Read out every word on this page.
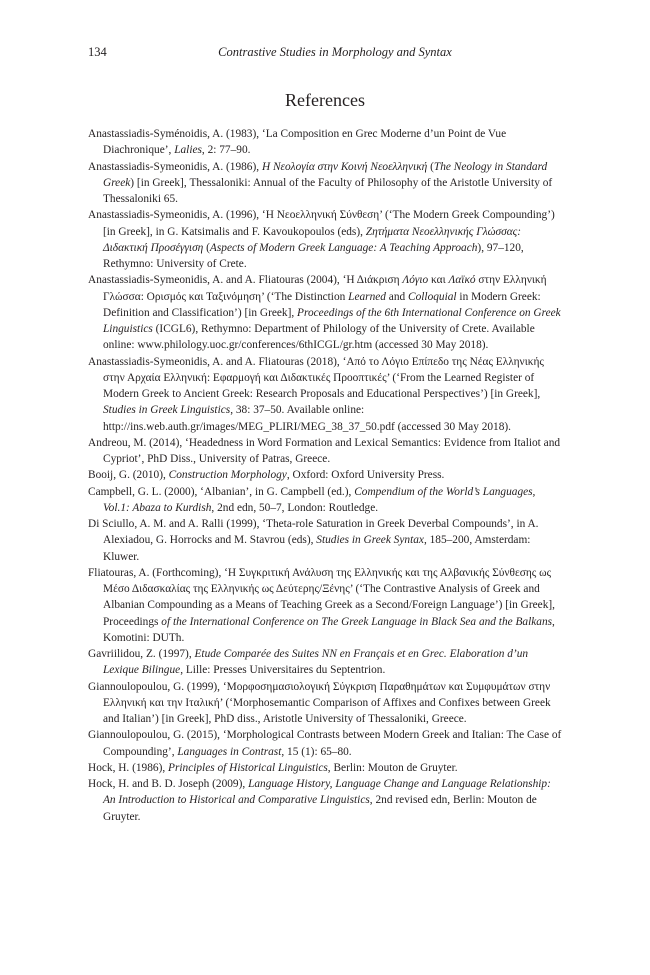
134	Contrastive Studies in Morphology and Syntax
References

Anastassiadis-Syménoidis, A. (1983), ‘La Composition en Grec Moderne d’un Point de Vue Diachronique’, Lalies, 2: 77–90.

Anastassiadis-Symeonidis, A. (1986), Η Νεολογία στην Κοινή Νεοελληνική (The Neology in Standard Greek) [in Greek], Thessaloniki: Annual of the Faculty of Philosophy of the Aristotle University of Thessaloniki 65.

Anastassiadis-Symeonidis, A. (1996), ‘Η Νεοελληνική Σύνθεση’ (‘The Modern Greek Compounding’) [in Greek], in G. Katsimalis and F. Kavoukopoulos (eds), Ζητήματα Νεοελληνικής Γλώσσας: Διδακτική Προσέγγιση (Aspects of Modern Greek Language: A Teaching Approach), 97–120, Rethymno: University of Crete.

Anastassiadis-Symeonidis, A. and A. Fliatouras (2004), ‘Η Διάκριση Λόγιο και Λαϊκό στην Ελληνική Γλώσσα: Ορισμός και Ταξινόμηση’ (‘The Distinction Learned and Colloquial in Modern Greek: Definition and Classification’) [in Greek], Proceedings of the 6th International Conference on Greek Linguistics (ICGL6), Rethymno: Department of Philology of the University of Crete. Available online: www.philology.uoc.gr/conferences/6thICGL/gr.htm (accessed 30 May 2018).

Anastassiadis-Symeonidis, A. and A. Fliatouras (2018), ‘Από το Λόγιο Επίπεδο της Νέας Ελληνικής στην Αρχαία Ελληνική: Εφαρμογή και Διδακτικές Προοπτικές’ (‘From the Learned Register of Modern Greek to Ancient Greek: Research Proposals and Educational Perspectives’) [in Greek], Studies in Greek Linguistics, 38: 37–50. Available online: http://ins.web.auth.gr/images/MEG_PLIRI/MEG_38_37_50.pdf (accessed 30 May 2018).

Andreou, M. (2014), ‘Headedness in Word Formation and Lexical Semantics: Evidence from Italiot and Cypriot’, PhD Diss., University of Patras, Greece.

Booij, G. (2010), Construction Morphology, Oxford: Oxford University Press.

Campbell, G. L. (2000), ‘Albanian’, in G. Campbell (ed.), Compendium of the World’s Languages, Vol.1: Abaza to Kurdish, 2nd edn, 50–7, London: Routledge.

Di Sciullo, A. M. and A. Ralli (1999), ‘Theta-role Saturation in Greek Deverbal Compounds’, in A. Alexiadou, G. Horrocks and M. Stavrou (eds), Studies in Greek Syntax, 185–200, Amsterdam: Kluwer.

Fliatouras, A. (Forthcoming), ‘Η Συγκριτική Ανάλυση της Ελληνικής και της Αλβανικής Σύνθεσης ως Μέσο Διδασκαλίας της Ελληνικής ως Δεύτερης/Ξένης’ (‘The Contrastive Analysis of Greek and Albanian Compounding as a Means of Teaching Greek as a Second/Foreign Language’) [in Greek], Proceedings of the International Conference on The Greek Language in Black Sea and the Balkans, Komotini: DUTh.

Gavriilidou, Z. (1997), Etude Comparée des Suites NN en Français et en Grec. Elaboration d’un Lexique Bilingue, Lille: Presses Universitaires du Septentrion.

Giannoulopoulou, G. (1999), ‘Μορφοσημασιολογική Σύγκριση Παραθημάτων και Συμφυμάτων στην Ελληνική και την Ιταλική’ (‘Morphosemantic Comparison of Affixes and Confixes between Greek and Italian’) [in Greek], PhD diss., Aristotle University of Thessaloniki, Greece.

Giannoulopoulou, G. (2015), ‘Morphological Contrasts between Modern Greek and Italian: The Case of Compounding’, Languages in Contrast, 15 (1): 65–80.

Hock, H. (1986), Principles of Historical Linguistics, Berlin: Mouton de Gruyter.

Hock, H. and B. D. Joseph (2009), Language History, Language Change and Language Relationship: An Introduction to Historical and Comparative Linguistics, 2nd revised edn, Berlin: Mouton de Gruyter.
